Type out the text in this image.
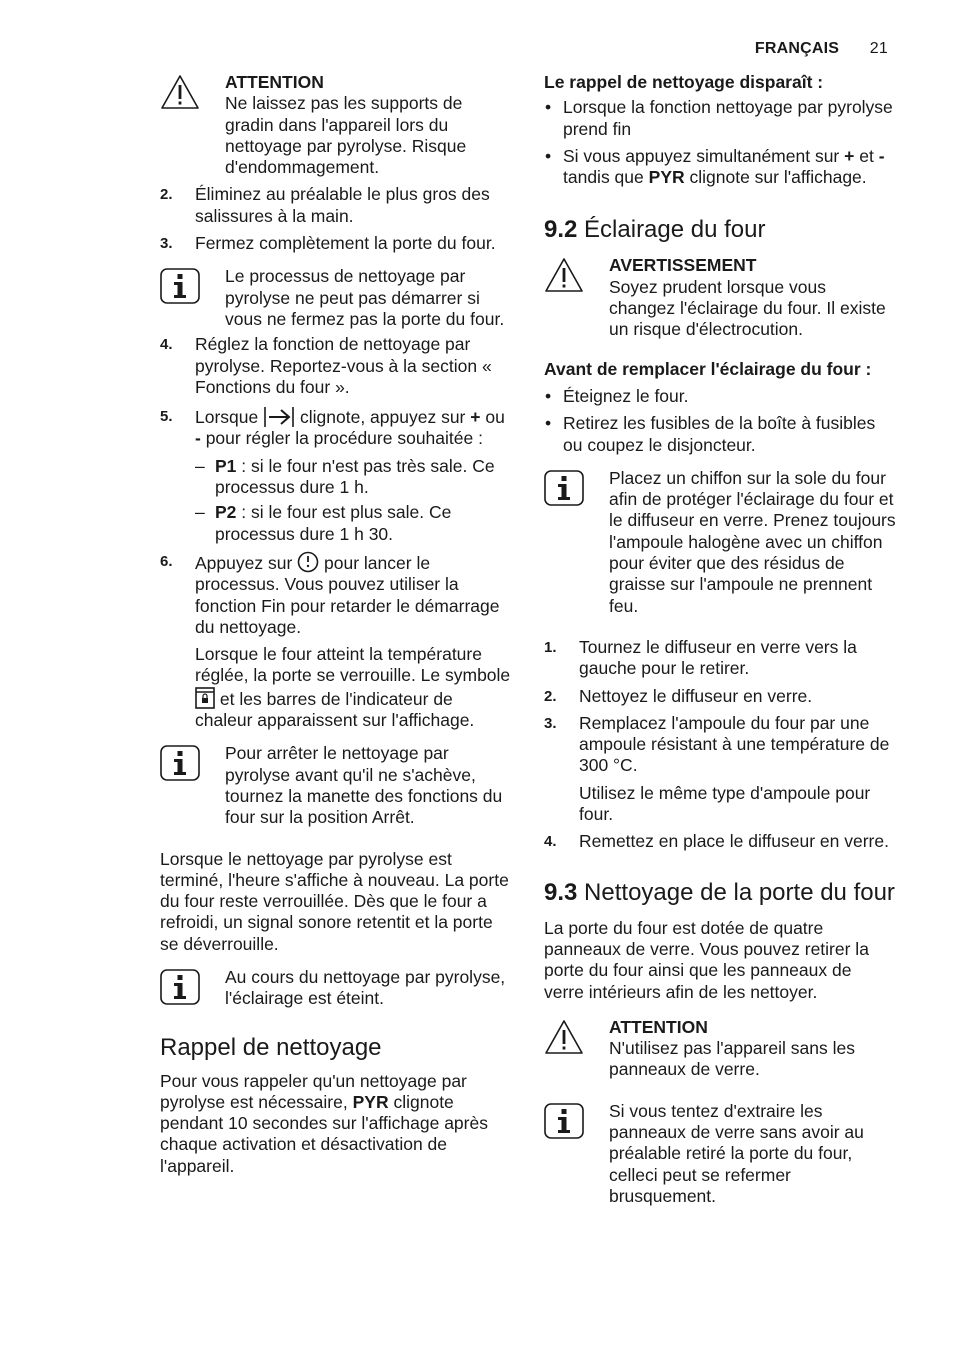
FRANÇAIS 21
ATTENTION

Ne laissez pas les supports de gradin dans l'appareil lors du nettoyage par pyrolyse. Risque d'endommagement.

2. Éliminez au préalable le plus gros des salissures à la main.

3. Fermez complètement la porte du four.

Le processus de nettoyage par pyrolyse ne peut pas démarrer si vous ne fermez pas la porte du four.

4. Réglez la fonction de nettoyage par pyrolyse. Reportez-vous à la section « Fonctions du four ».

5. Lorsque clignote, appuyez sur + ou - pour régler la procédure souhaitée :

– P1 : si le four n'est pas très sale. Ce processus dure 1 h.
– P2 : si le four est plus sale. Ce processus dure 1 h 30.
6. Appuyez sur pour lancer le processus. Vous pouvez utiliser la fonction Fin pour retarder le démarrage du nettoyage.

Lorsque le four atteint la température réglée, la porte se verrouille. Le symbole  et les barres de l'indicateur de chaleur apparaissent sur l'affichage.

Pour arrêter le nettoyage par pyrolyse avant qu'il ne s'achève, tournez la manette des fonctions du four sur la position Arrêt.

Lorsque le nettoyage par pyrolyse est terminé, l'heure s'affiche à nouveau. La porte du four reste verrouillée. Dès que le four a refroidi, un signal sonore retentit et la porte se déverrouille.

Au cours du nettoyage par pyrolyse, l'éclairage est éteint.

Rappel de nettoyage

Pour vous rappeler qu'un nettoyage par pyrolyse est nécessaire, PYR clignote pendant 10 secondes sur l'affichage après chaque activation et désactivation de l'appareil.

Le rappel de nettoyage disparaît :
• Lorsque la fonction nettoyage par pyrolyse prend fin

• Si vous appuyez simultanément sur + et - tandis que PYR clignote sur l'affichage.

9.2 Éclairage du four
AVERTISSEMENT

Soyez prudent lorsque vous changez l'éclairage du four. Il existe un risque d'électrocution.

Avant de remplacer l'éclairage du four :
• Éteignez le four.

• Retirez les fusibles de la boîte à fusibles ou coupez le disjoncteur.

Placez un chiffon sur la sole du four afin de protéger l'éclairage du four et le diffuseur en verre. Prenez toujours l'ampoule halogène avec un chiffon pour éviter que des résidus de graisse sur l'ampoule ne prennent feu.

1. Tournez le diffuseur en verre vers la gauche pour le retirer.

2. Nettoyez le diffuseur en verre.

3. Remplacez l'ampoule du four par une ampoule résistant à une température de 300 °C.

Utilisez le même type d'ampoule pour four.

4. Remettez en place le diffuseur en verre.

9.3 Nettoyage de la porte du four

La porte du four est dotée de quatre panneaux de verre. Vous pouvez retirer la porte du four ainsi que les panneaux de verre intérieurs afin de les nettoyer.

ATTENTION

N'utilisez pas l'appareil sans les panneaux de verre.

Si vous tentez d'extraire les panneaux de verre sans avoir au préalable retiré la porte du four, celleci peut se refermer brusquement.
